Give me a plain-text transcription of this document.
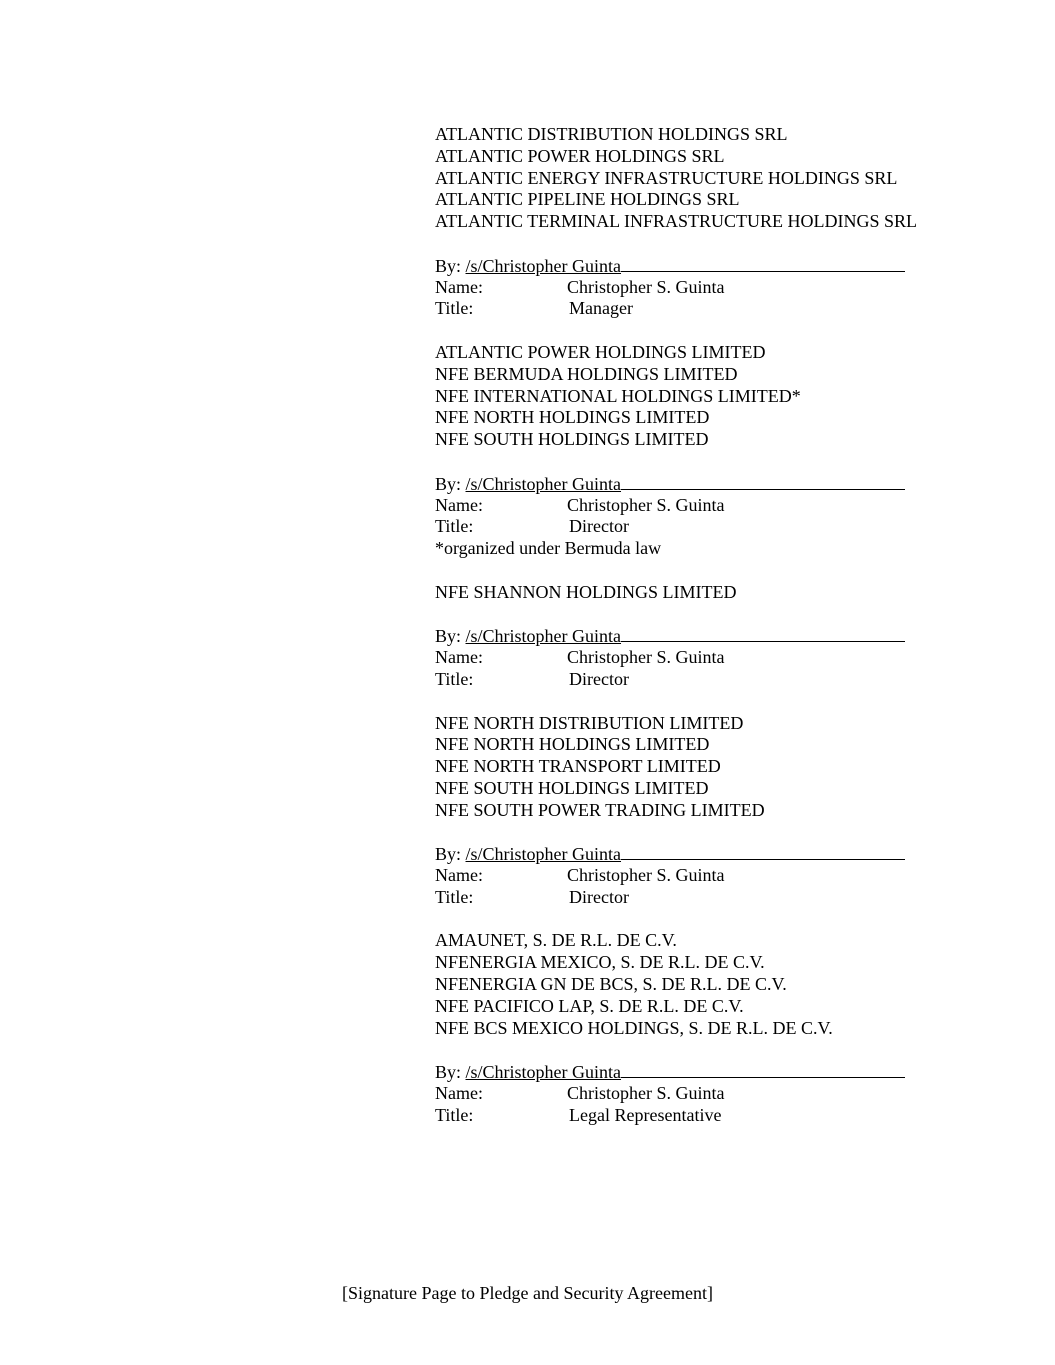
ATLANTIC DISTRIBUTION HOLDINGS SRL
ATLANTIC POWER HOLDINGS SRL
ATLANTIC ENERGY INFRASTRUCTURE HOLDINGS SRL
ATLANTIC PIPELINE HOLDINGS SRL
ATLANTIC TERMINAL INFRASTRUCTURE HOLDINGS SRL
By: /s/Christopher Guinta
Name:	Christopher S. Guinta
Title:	Manager
ATLANTIC POWER HOLDINGS LIMITED
NFE BERMUDA HOLDINGS LIMITED
NFE INTERNATIONAL HOLDINGS LIMITED*
NFE NORTH HOLDINGS LIMITED
NFE SOUTH HOLDINGS LIMITED
By: /s/Christopher Guinta
Name:	Christopher S. Guinta
Title:	Director
*organized under Bermuda law
NFE SHANNON HOLDINGS LIMITED
By: /s/Christopher Guinta
Name:	Christopher S. Guinta
Title:	Director
NFE NORTH DISTRIBUTION LIMITED
NFE NORTH HOLDINGS LIMITED
NFE NORTH TRANSPORT LIMITED
NFE SOUTH HOLDINGS LIMITED
NFE SOUTH POWER TRADING LIMITED
By: /s/Christopher Guinta
Name:	Christopher S. Guinta
Title:	Director
AMAUNET, S. DE R.L. DE C.V.
NFENERGIA MEXICO, S. DE R.L. DE C.V.
NFENERGIA GN DE BCS, S. DE R.L. DE C.V.
NFE PACIFICO LAP, S. DE R.L. DE C.V.
NFE BCS MEXICO HOLDINGS, S. DE R.L. DE C.V.
By: /s/Christopher Guinta
Name:	Christopher S. Guinta
Title:	Legal Representative
[Signature Page to Pledge and Security Agreement]
